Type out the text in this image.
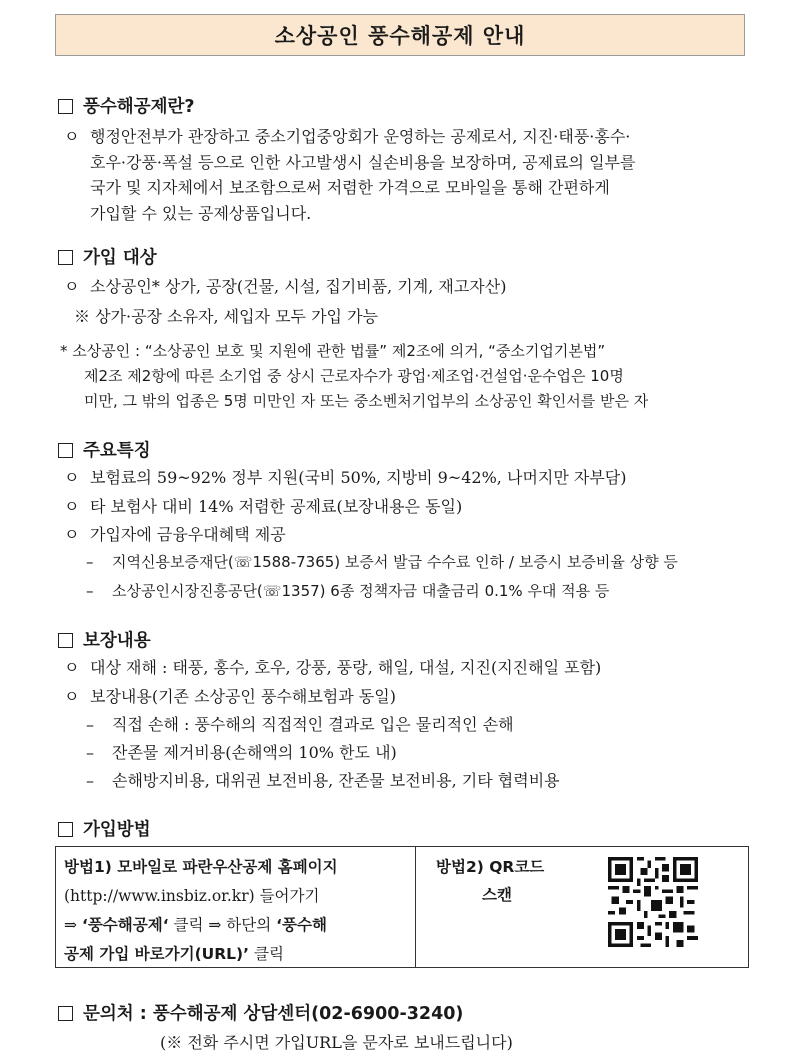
소상공인 풍수해공제 안내
풍수해공제란?
ㅇ 행정안전부가 관장하고 중소기업중앙회가 운영하는 공제로서, 지진·태풍·홍수·
호우·강풍·폭설 등으로 인한 사고발생시 실손비용을 보장하며, 공제료의 일부를
국가 및 지자체에서 보조함으로써 저렴한 가격으로 모바일을 통해 간편하게
가입할 수 있는 공제상품입니다.
가입 대상
ㅇ 소상공인* 상가, 공장(건물, 시설, 집기비품, 기계, 재고자산)
※ 상가·공장 소유자, 세입자 모두 가입 가능
* 소상공인 : “소상공인 보호 및 지원에 관한 법률” 제2조에 의거, “중소기업기본법”
제2조 제2항에 따른 소기업 중 상시 근로자수가 광업·제조업·건설업·운수업은 10명
미만, 그 밖의 업종은 5명 미만인 자 또는 중소벤처기업부의 소상공인 확인서를 받은 자
주요특징
ㅇ 보험료의 59~92% 정부 지원(국비 50%, 지방비 9~42%, 나머지만 자부담)
ㅇ 타 보험사 대비 14% 저렴한 공제료(보장내용은 동일)
ㅇ 가입자에 금융우대혜택 제공
– 지역신용보증재단(☏1588-7365) 보증서 발급 수수료 인하 / 보증시 보증비율 상향 등
– 소상공인시장진흥공단(☏1357) 6종 정책자금 대출금리 0.1% 우대 적용 등
보장내용
ㅇ 대상 재해 : 태풍, 홍수, 호우, 강풍, 풍랑, 해일, 대설, 지진(지진해일 포함)
ㅇ 보장내용(기존 소상공인 풍수해보험과 동일)
– 직접 손해 : 풍수해의 직접적인 결과로 입은 물리적인 손해
– 잔존물 제거비용(손해액의 10% 한도 내)
– 손해방지비용, 대위권 보전비용, 잔존물 보전비용, 기타 협력비용
가입방법
방법1) 모바일로 파란우산공제 홈페이지
(http://www.insbiz.or.kr) 들어가기
⇒ ‘풍수해공제‘ 클릭 ⇒ 하단의 ‘풍수해
공제 가입 바로가기(URL)’ 클릭
방법2) QR코드
스캔
문의처 : 풍수해공제 상담센터(02-6900-3240)
(※ 전화 주시면 가입URL을 문자로 보내드립니다)
